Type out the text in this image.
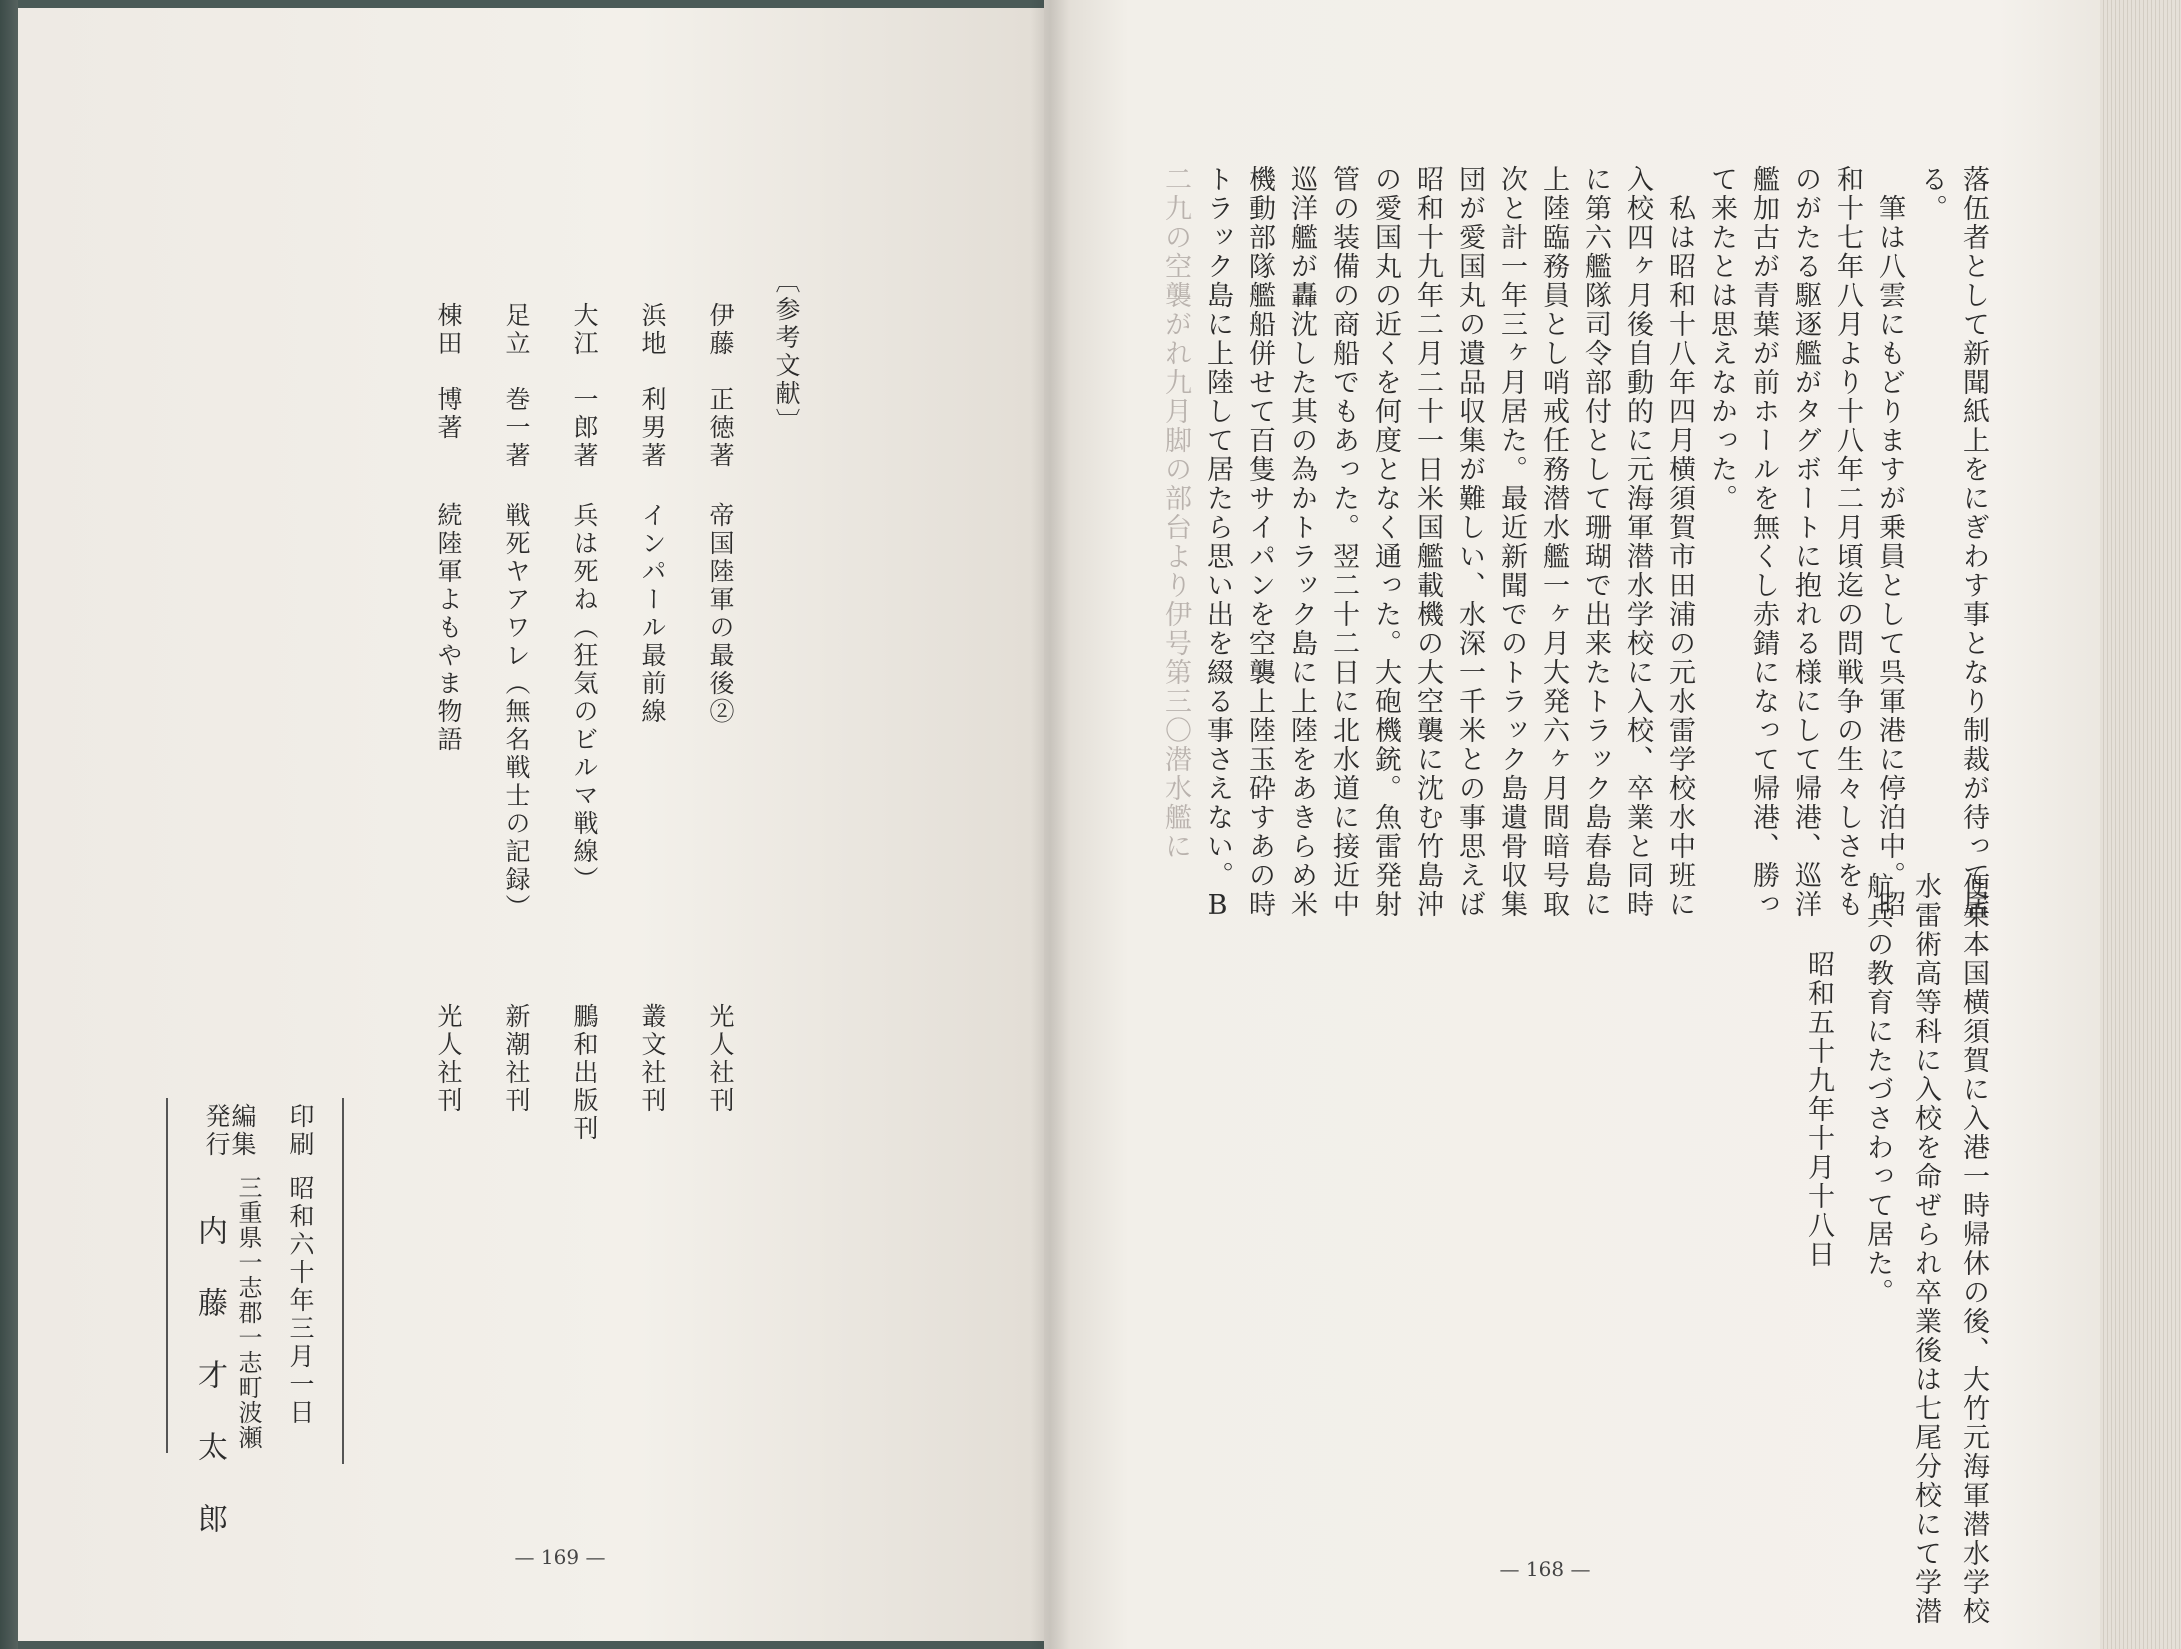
落伍者として新聞紙上をにぎわす事となり制裁が待って居
る。
　筆は八雲にもどりますが乗員として呉軍港に停泊中。昭
和十七年八月より十八年二月頃迄の問戦争の生々しさをも
のがたる駆逐艦がタグボートに抱れる様にして帰港、巡洋
艦加古が青葉が前ホールを無くし赤錆になって帰港、勝っ
て来たとは思えなかった。
　私は昭和十八年四月横須賀市田浦の元水雷学校水中班に
入校四ヶ月後自動的に元海軍潜水学校に入校、卒業と同時
に第六艦隊司令部付として珊瑚で出来たトラック島春島に
上陸臨務員とし哨戒任務潜水艦一ヶ月大発六ヶ月間暗号取
次と計一年三ヶ月居た。最近新聞でのトラック島遺骨収集
団が愛国丸の遺品収集が難しい、水深一千米との事思えば
昭和十九年二月二十一日米国艦載機の大空襲に沈む竹島沖
の愛国丸の近くを何度となく通った。大砲機銃。魚雷発射
管の装備の商船でもあった。翌二十二日に北水道に接近中
巡洋艦が轟沈した其の為かトラック島に上陸をあきらめ米
機動部隊艦船併せて百隻サイパンを空襲上陸玉砕すあの時
トラック島に上陸して居たら思い出を綴る事さえない。B
二九の空襲がれ九月脚の部台より伊号第三〇潜水艦に
便乗本国横須賀に入港一時帰休の後、大竹元海軍潜水学校
水雷術高等科に入校を命ぜられ卒業後は七尾分校にて学潜
航兵の教育にたづさわって居た。
昭和五十九年十月十八日
— 168 —
〔参考文献〕
伊藤　正徳著
帝国陸軍の最後②
光人社刊
浜地　利男著
インパール最前線
叢文社刊
大江　一郎著
兵は死ね（狂気のビルマ戦線）
鵬和出版刊
足立　巻一著
戦死ヤアワレ（無名戦士の記録）
新潮社刊
棟田　博著
続陸軍よもやま物語
光人社刊
印刷
昭和六十年三月一日
編集
発行
三重県一志郡一志町波瀬
内　藤　才　太　郎
— 169 —
